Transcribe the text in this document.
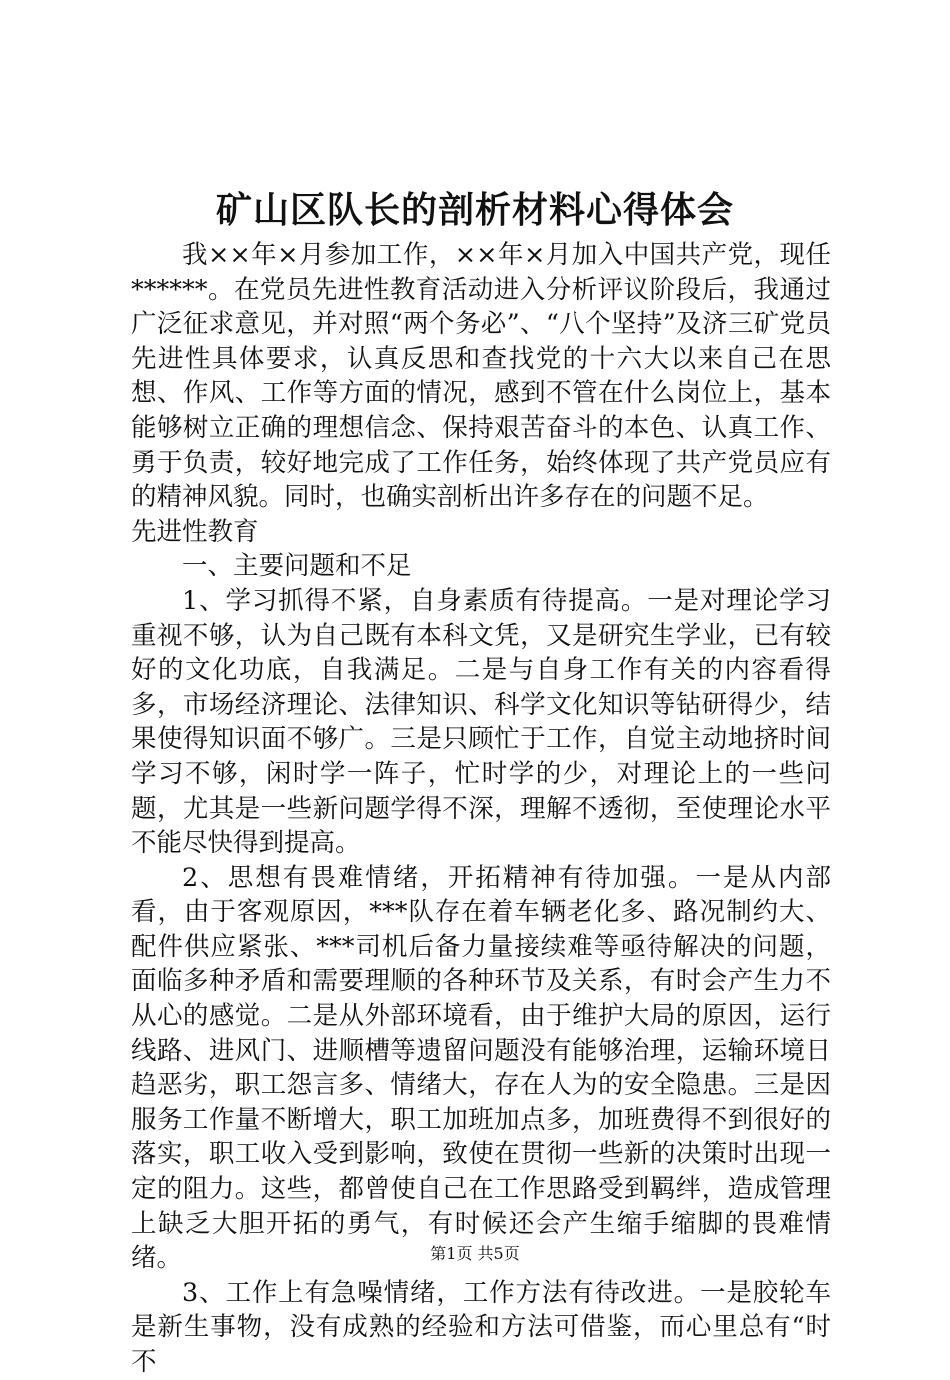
矿山区队长的剖析材料心得体会

我××年×月参加工作，××年×月加入中国共产党，现任******。在党员先进性教育活动进入分析评议阶段后，我通过广泛征求意见，并对照“两个务必”、“八个坚持”及济三矿党员先进性具体要求，认真反思和查找党的十六大以来自己在思想、作风、工作等方面的情况，感到不管在什么岗位上，基本能够树立正确的理想信念、保持艰苦奋斗的本色、认真工作、勇于负责，较好地完成了工作任务，始终体现了共产党员应有的精神风貌。同时，也确实剖析出许多存在的问题不足。

先进性教育

一、主要问题和不足

1、学习抓得不紧，自身素质有待提高。一是对理论学习重视不够，认为自己既有本科文凭，又是研究生学业，已有较好的文化功底，自我满足。二是与自身工作有关的内容看得多，市场经济理论、法律知识、科学文化知识等钻研得少，结果使得知识面不够广。三是只顾忙于工作，自觉主动地挤时间学习不够，闲时学一阵子，忙时学的少，对理论上的一些问题，尤其是一些新问题学得不深，理解不透彻，至使理论水平不能尽快得到提高。

2、思想有畏难情绪，开拓精神有待加强。一是从内部看，由于客观原因，***队存在着车辆老化多、路况制约大、配件供应紧张、***司机后备力量接续难等亟待解决的问题，面临多种矛盾和需要理顺的各种环节及关系，有时会产生力不从心的感觉。二是从外部环境看，由于维护大局的原因，运行线路、进风门、进顺槽等遗留问题没有能够治理，运输环境日趋恶劣，职工怨言多、情绪大，存在人为的安全隐患。三是因服务工作量不断增大，职工加班加点多，加班费得不到很好的落实，职工收入受到影响，致使在贯彻一些新的决策时出现一定的阻力。这些，都曾使自己在工作思路受到羁绊，造成管理上缺乏大胆开拓的勇气，有时候还会产生缩手缩脚的畏难情绪。

3、工作上有急噪情绪，工作方法有待改进。一是胶轮车是新生事物，没有成熟的经验和方法可借鉴，而心里总有“时不

第1页 共5页
